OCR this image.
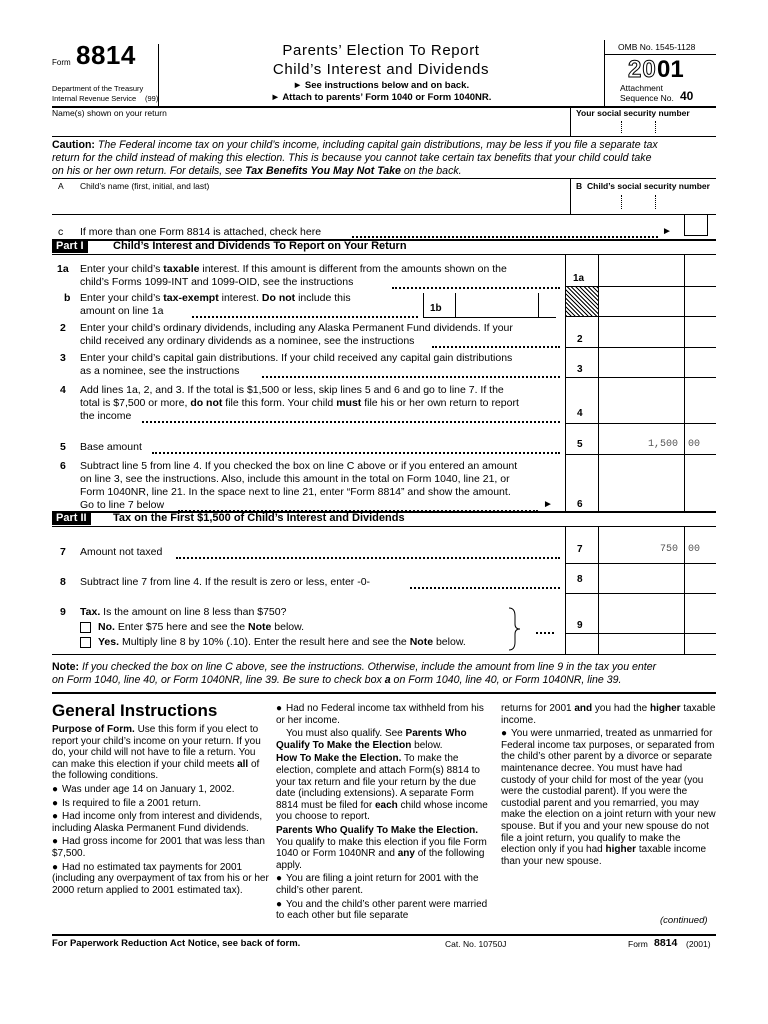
Form 8814
Department of the Treasury
Internal Revenue Service (99)
Parents’ Election To Report
Child’s Interest and Dividends
► See instructions below and on back.
► Attach to parents’ Form 1040 or Form 1040NR.
OMB No. 1545-1128
20 01
Attachment
Sequence No. 40
Name(s) shown on your return	Your social security number
Caution: The Federal income tax on your child’s income, including capital gain distributions, may be less if you file a separate tax
return for the child instead of making this election. This is because you cannot take certain tax benefits that your child could take
on his or her own return. For details, see Tax Benefits You May Not Take on the back.
A Child’s name (first, initial, and last)	B Child’s social security number
c If more than one Form 8814 is attached, check here	►
Part I	Child’s Interest and Dividends To Report on Your Return
1a Enter your child’s taxable interest. If this amount is different from the amounts shown on the
child’s Forms 1099-INT and 1099-OID, see the instructions	1a
b Enter your child’s tax-exempt interest. Do not include this
amount on line 1a	1b
2 Enter your child’s ordinary dividends, including any Alaska Permanent Fund dividends. If your
child received any ordinary dividends as a nominee, see the instructions	2
3 Enter your child’s capital gain distributions. If your child received any capital gain distributions
as a nominee, see the instructions	3
4 Add lines 1a, 2, and 3. If the total is $1,500 or less, skip lines 5 and 6 and go to line 7. If the
total is $7,500 or more, do not file this form. Your child must file his or her own return to report
the income	4
5 Base amount	5	1,500 00
6 Subtract line 5 from line 4. If you checked the box on line C above or if you entered an amount
on line 3, see the instructions. Also, include this amount in the total on Form 1040, line 21, or
Form 1040NR, line 21. In the space next to line 21, enter “Form 8814” and show the amount.
Go to line 7 below	► 6
Part II	Tax on the First $1,500 of Child’s Interest and Dividends
7 Amount not taxed	7	750 00
8 Subtract line 7 from line 4. If the result is zero or less, enter -0-	8
9 Tax. Is the amount on line 8 less than $750?
No. Enter $75 here and see the Note below.
Yes. Multiply line 8 by 10% (.10). Enter the result here and see the Note below.
9
Note: If you checked the box on line C above, see the instructions. Otherwise, include the amount from line 9 in the tax you enter
on Form 1040, line 40, or Form 1040NR, line 39. Be sure to check box a on Form 1040, line 40, or Form 1040NR, line 39.
General Instructions

Purpose of Form. Use this form if you elect to report your child’s income on your return. If you do, your child will not have to file a return. You can make this election if your child meets all of the following conditions.

● Was under age 14 on January 1, 2002.

● Is required to file a 2001 return.

● Had income only from interest and dividends, including Alaska Permanent Fund dividends.

● Had gross income for 2001 that was less than $7,500.

● Had no estimated tax payments for 2001 (including any overpayment of tax from his or her 2000 return applied to 2001 estimated tax).

● Had no Federal income tax withheld from his or her income.

You must also qualify. See Parents Who Qualify To Make the Election below.

How To Make the Election. To make the election, complete and attach Form(s) 8814 to your tax return and file your return by the due date (including extensions). A separate Form 8814 must be filed for each child whose income you choose to report.

Parents Who Qualify To Make the Election. You qualify to make this election if you file Form 1040 or Form 1040NR and any of the following apply.

● You are filing a joint return for 2001 with the child’s other parent.

● You and the child’s other parent were married to each other but file separate

returns for 2001 and you had the higher taxable income.

● You were unmarried, treated as unmarried for Federal income tax purposes, or separated from the child’s other parent by a divorce or separate maintenance decree. You must have had custody of your child for most of the year (you were the custodial parent). If you were the custodial parent and you remarried, you may make the election on a joint return with your new spouse. But if you and your new spouse do not file a joint return, you qualify to make the election only if you had higher taxable income than your new spouse.

(continued)
For Paperwork Reduction Act Notice, see back of form.	Cat. No. 10750J	Form 8814 (2001)
